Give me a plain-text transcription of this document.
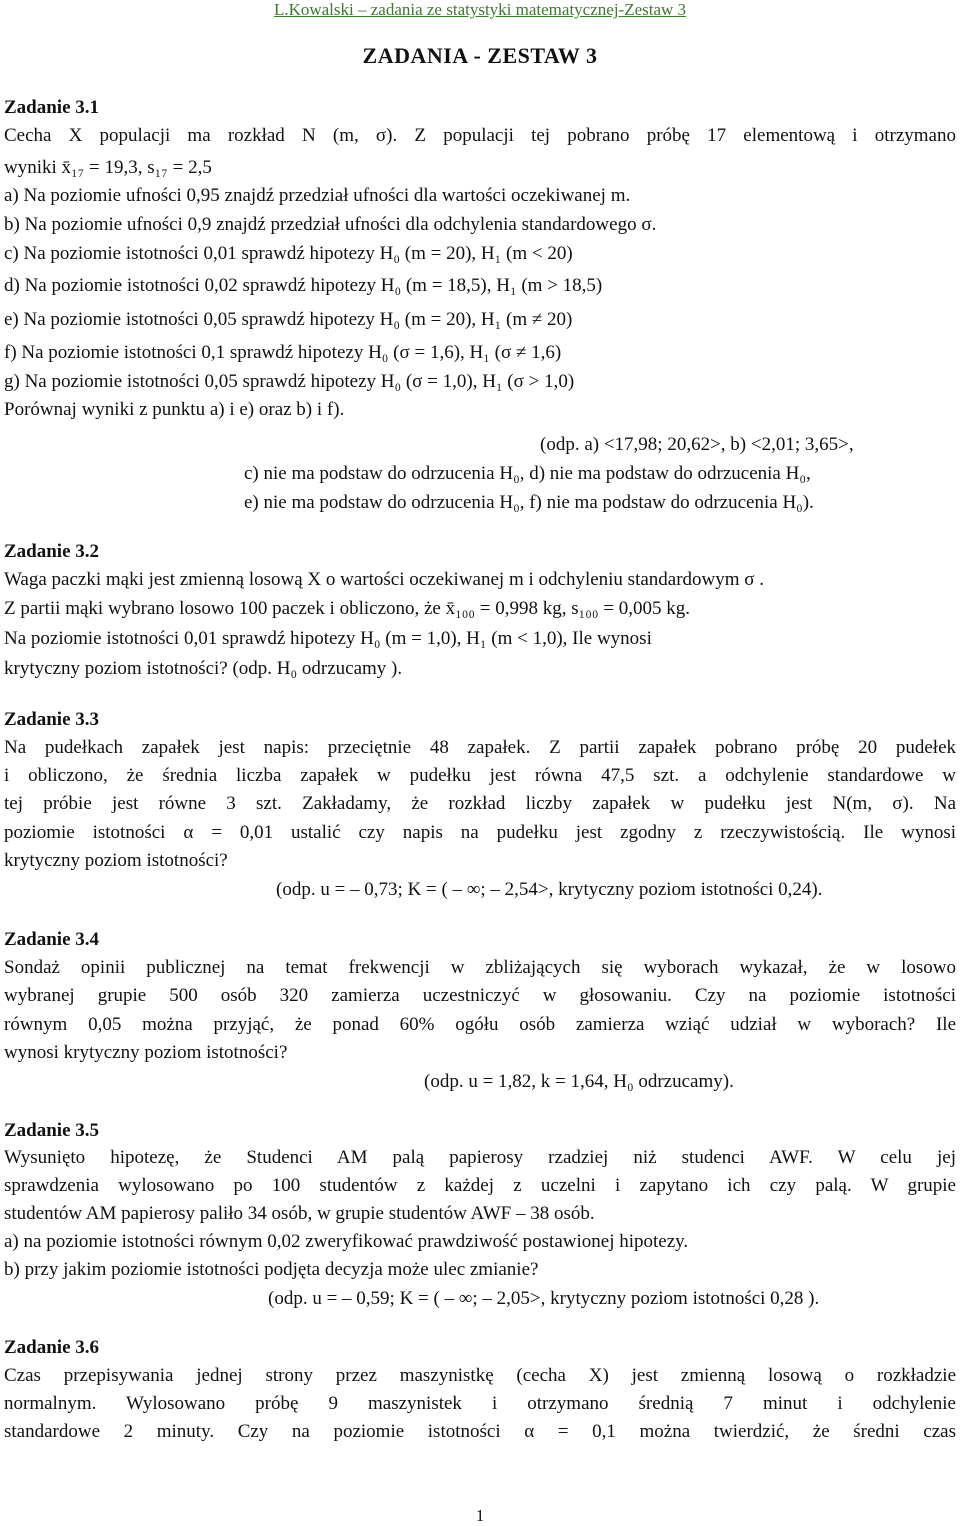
L.Kowalski – zadania ze statystyki matematycznej-Zestaw 3
ZADANIA - ZESTAW 3
Zadanie 3.1
Cecha X populacji ma rozkład N (m, σ). Z populacji tej pobrano próbę 17 elementową i otrzymano
wyniki x̄₁₇ = 19,3, s₁₇ = 2,5
a) Na poziomie ufności 0,95 znajdź przedział ufności dla wartości oczekiwanej m.
b) Na poziomie ufności 0,9 znajdź przedział ufności dla odchylenia standardowego σ.
c) Na poziomie istotności 0,01 sprawdź hipotezy H₀ (m = 20), H₁ (m < 20)
d) Na poziomie istotności 0,02 sprawdź hipotezy H₀ (m = 18,5), H₁ (m > 18,5)
e) Na poziomie istotności 0,05 sprawdź hipotezy H₀ (m = 20), H₁ (m ≠ 20)
f) Na poziomie istotności 0,1 sprawdź hipotezy H₀ (σ = 1,6), H₁ (σ ≠ 1,6)
g) Na poziomie istotności 0,05 sprawdź hipotezy H₀ (σ = 1,0), H₁ (σ > 1,0)
Porównaj wyniki z punktu a) i e) oraz b) i f).
(odp. a) <17,98; 20,62>, b) <2,01; 3,65>,
c) nie ma podstaw do odrzucenia H₀, d) nie ma podstaw do odrzucenia H₀,
e) nie ma podstaw do odrzucenia H₀, f) nie ma podstaw do odrzucenia H₀).
Zadanie 3.2
Waga paczki mąki jest zmienną losową X o wartości oczekiwanej m i odchyleniu standardowym σ .
Z partii mąki wybrano losowo 100 paczek i obliczono, że x̄₁₀₀ = 0,998 kg, s₁₀₀ = 0,005 kg.
Na poziomie istotności 0,01 sprawdź hipotezy H₀ (m = 1,0), H₁ (m < 1,0), Ile wynosi
krytyczny poziom istotności? (odp. H₀ odrzucamy ).
Zadanie 3.3
Na pudełkach zapałek jest napis: przeciętnie 48 zapałek. Z partii zapałek pobrano próbę 20 pudełek
i obliczono, że średnia liczba zapałek w pudełku jest równa 47,5 szt. a odchylenie standardowe w
tej próbie jest równe 3 szt. Zakładamy, że rozkład liczby zapałek w pudełku jest N(m, σ). Na
poziomie istotności α = 0,01 ustalić czy napis na pudełku jest zgodny z rzeczywistością. Ile wynosi
krytyczny poziom istotności?
(odp. u = – 0,73; K = ( – ∞; – 2,54>, krytyczny poziom istotności 0,24).
Zadanie 3.4
Sondaż opinii publicznej na temat frekwencji w zbliżających się wyborach wykazał, że w losowo
wybranej grupie 500 osób 320 zamierza uczestniczyć w głosowaniu. Czy na poziomie istotności
równym 0,05 można przyjąć, że ponad 60% ogółu osób zamierza wziąć udział w wyborach? Ile
wynosi krytyczny poziom istotności?
(odp. u = 1,82, k = 1,64, H₀ odrzucamy).
Zadanie 3.5
Wysunięto hipotezę, że Studenci AM palą papierosy rzadziej niż studenci AWF. W celu jej
sprawdzenia wylosowano po 100 studentów z każdej z uczelni i zapytano ich czy palą. W grupie
studentów AM papierosy paliło 34 osób, w grupie studentów AWF – 38 osób.
a) na poziomie istotności równym 0,02 zweryfikować prawdziwość postawionej hipotezy.
b) przy jakim poziomie istotności podjęta decyzja może ulec zmianie?
(odp. u = – 0,59; K = ( – ∞; – 2,05>, krytyczny poziom istotności 0,28 ).
Zadanie 3.6
Czas przepisywania jednej strony przez maszynistkę (cecha X) jest zmienną losową o rozkładzie
normalnym. Wylosowano próbę 9 maszynistek i otrzymano średnią 7 minut i odchylenie
standardowe 2 minuty. Czy na poziomie istotności α = 0,1 można twierdzić, że średni czas
1
